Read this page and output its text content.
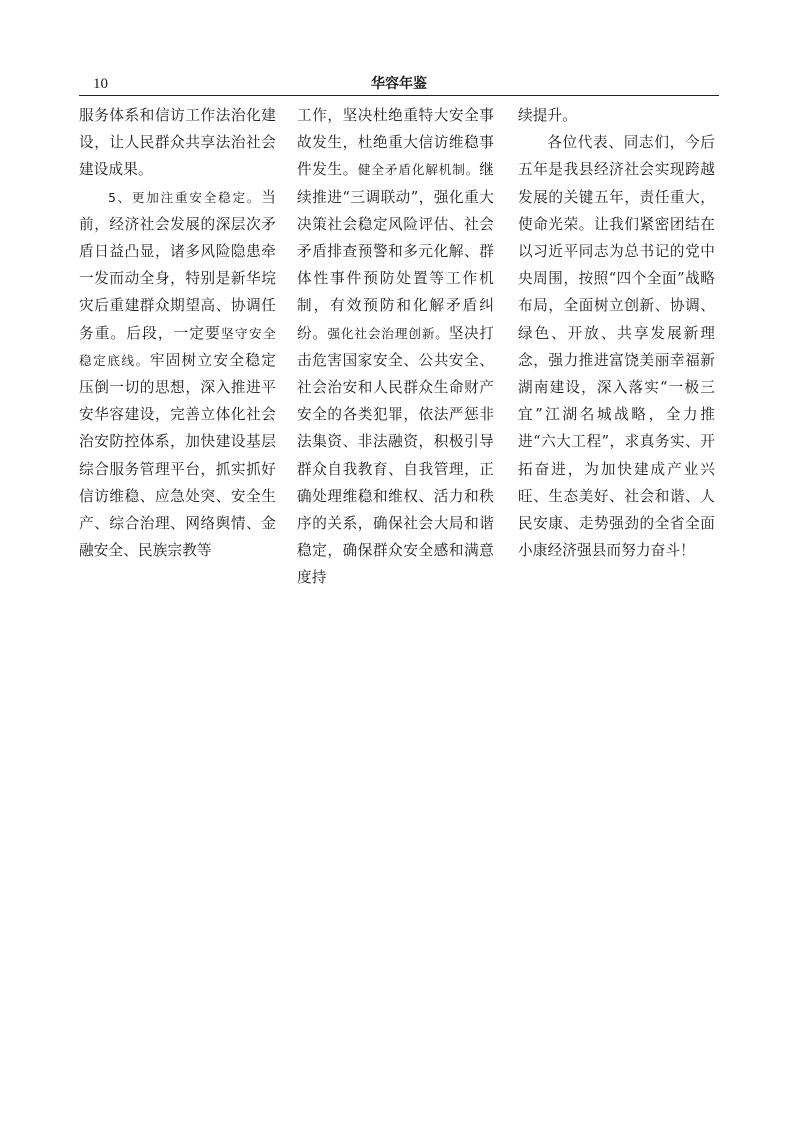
10	华容年鉴

服务体系和信访工作法治化建设，让人民群众共享法治社会建设成果。

5、更加注重安全稳定。当前，经济社会发展的深层次矛盾日益凸显，诸多风险隐患牵一发而动全身，特别是新华垸灾后重建群众期望高、协调任务重。后段，一定要坚守安全稳定底线。牢固树立安全稳定压倒一切的思想，深入推进平安华容建设，完善立体化社会治安防控体系，加快建设基层综合服务管理平台，抓实抓好信访维稳、应急处突、安全生产、综合治理、网络舆情、金融安全、民族宗教等

工作，坚决杜绝重特大安全事故发生，杜绝重大信访维稳事件发生。健全矛盾化解机制。继续推进“三调联动”，强化重大决策社会稳定风险评估、社会矛盾排查预警和多元化解、群体性事件预防处置等工作机制，有效预防和化解矛盾纠纷。强化社会治理创新。坚决打击危害国家安全、公共安全、社会治安和人民群众生命财产安全的各类犯罪，依法严惩非法集资、非法融资，积极引导群众自我教育、自我管理，正确处理维稳和维权、活力和秩序的关系，确保社会大局和谐稳定，确保群众安全感和满意度持

续提升。

各位代表、同志们，今后五年是我县经济社会实现跨越发展的关键五年，责任重大，使命光荣。让我们紧密团结在以习近平同志为总书记的党中央周围，按照“四个全面”战略布局，全面树立创新、协调、绿色、开放、共享发展新理念，强力推进富饶美丽幸福新湖南建设，深入落实“一极三宜”江湖名城战略，全力推进“六大工程”，求真务实、开拓奋进，为加快建成产业兴旺、生态美好、社会和谐、人民安康、走势强劲的全省全面小康经济强县而努力奋斗！
